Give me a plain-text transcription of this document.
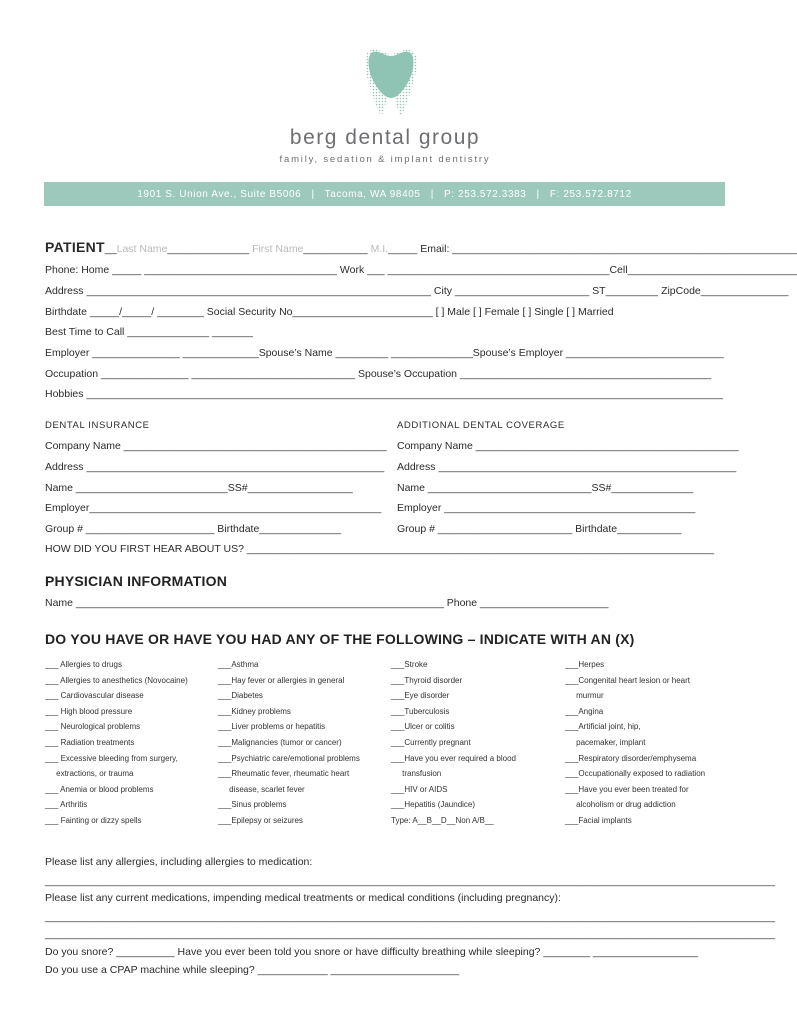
berg dental group
family, sedation & implant dentistry
1901 S. Union Ave., Suite B5006   |   Tacoma, WA 98405   |   P: 253.572.3383   |   F: 253.572.8712
PATIENT__Last Name______________ First Name___________ M.I._____ Email: ___________________________________________________________
Phone: Home _____ _________________________________ Work ___ ______________________________________Cell_____________________________
Address ___________________________________________________________ City _______________________ ST_________ ZipCode_______________
Birthdate _____/_____/ ________ Social Security No________________________ [ ] Male [ ] Female [ ] Single [ ] Married
Best Time to Call ______________ _______
Employer _______________ _____________Spouse’s Name _________ ______________Spouse’s Employer ___________________________
Occupation _______________ ____________________________ Spouse’s Occupation ___________________________________________
Hobbies _____________________________________________________________________________________________________________
DENTAL INSURANCE	ADDITIONAL DENTAL COVERAGE
Company Name _____________________________________________ Company Name _____________________________________________
Address ___________________________________________________	Address ___________________________________________________
Name __________________________SS#__________________	Name ____________________________SS#______________
Employer__________________________________________________	Employer ___________________________________________
Group # ______________________ Birthdate______________	Group # _______________________ Birthdate___________
HOW DID YOU FIRST HEAR ABOUT US? ________________________________________________________________________________
PHYSICIAN INFORMATION
Name _______________________________________________________________ Phone ______________________
DO YOU HAVE OR HAVE YOU HAD ANY OF THE FOLLOWING – INDICATE WITH AN (X)
___ Allergies to drugs
___ Allergies to anesthetics (Novocaine)
___ Cardiovascular disease
___ High blood pressure
___ Neurological problems
___ Radiation treatments
___ Excessive bleeding from surgery,
extractions, or trauma
___ Anemia or blood problems
___ Arthritis
___ Fainting or dizzy spells
___Asthma
___Hay fever or allergies in general
___Diabetes
___Kidney problems
___Liver problems or hepatitis
___Malignancies (tumor or cancer)
___Psychiatric care/emotional problems
___Rheumatic fever, rheumatic heart
disease, scarlet fever
___Sinus problems
___Epilepsy or seizures
___Stroke
___Thyroid disorder
___Eye disorder
___Tuberculosis
___Ulcer or colitis
___Currently pregnant
___Have you ever required a blood
transfusion
___HIV or AIDS
___Hepatitis (Jaundice)
Type: A__B__D__Non A/B__
___Herpes
___Congenital heart lesion or heart
murmur
___Angina
___Artificial joint, hip,
pacemaker, implant
___Respiratory disorder/emphysema
___Occupationally exposed to radiation
___Have you ever been treated for
alcoholism or drug addiction
___Facial implants
Please list any allergies, including allergies to medication:
_____________________________________________________________________________________________________________________________
Please list any current medications, impending medical treatments or medical conditions (including pregnancy):
_____________________________________________________________________________________________________________________________
_____________________________________________________________________________________________________________________________
Do you snore? __________ Have you ever been told you snore or have difficulty breathing while sleeping? ________ __________________
Do you use a CPAP machine while sleeping? ____________ ______________________
